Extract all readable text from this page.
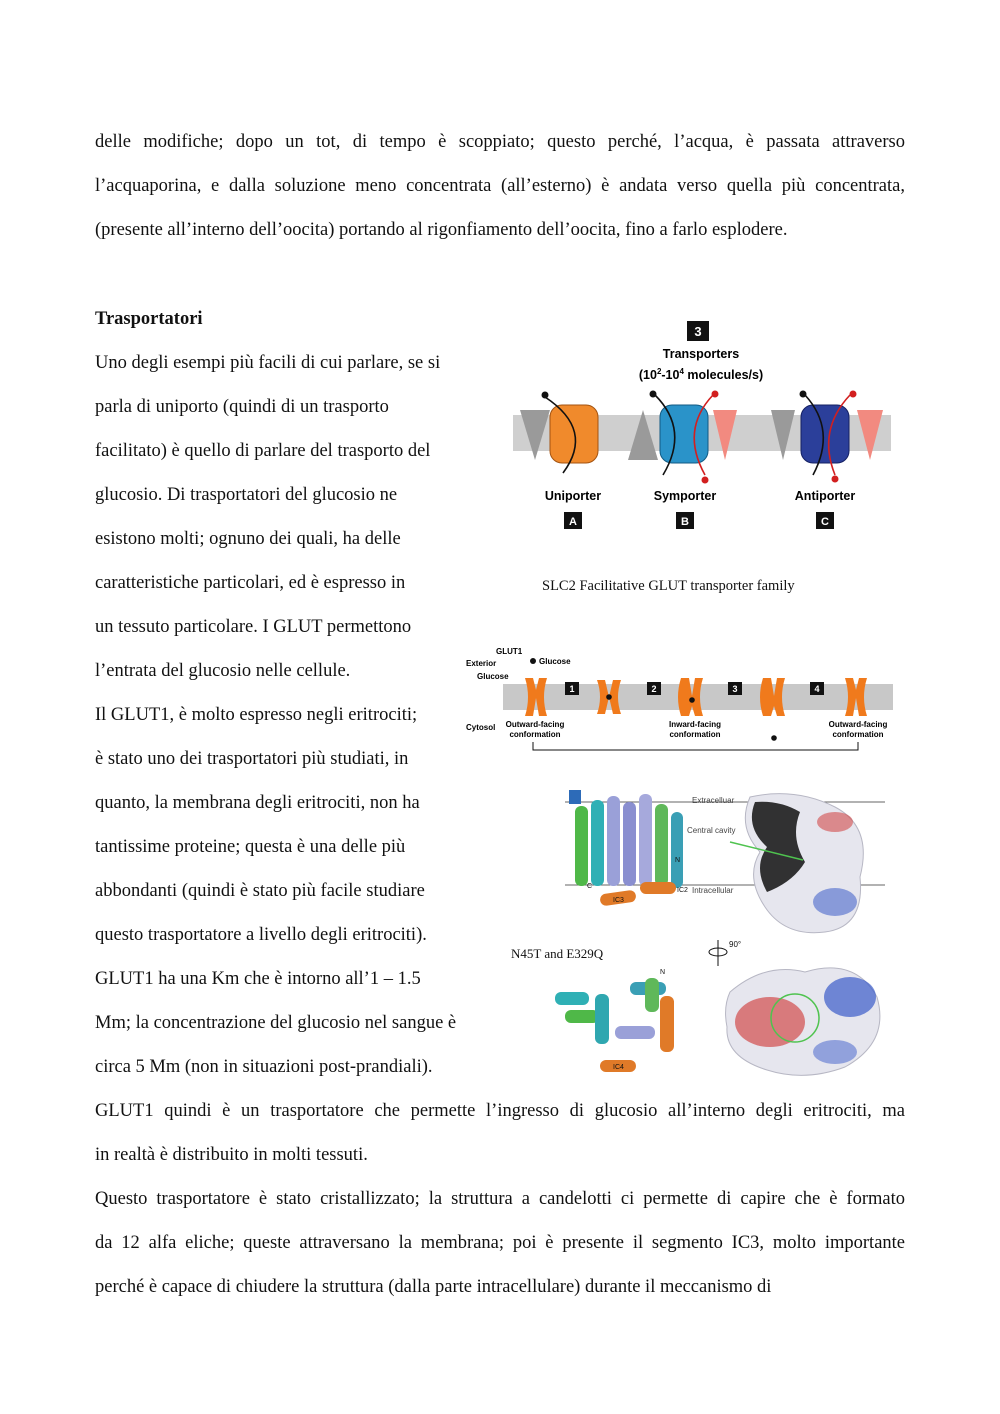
delle modifiche; dopo un tot, di tempo è scoppiato; questo perché, l’acqua, è passata attraverso
l’acquaporina, e dalla soluzione meno concentrata (all’esterno) è andata verso quella più concentrata,
(presente all’interno dell’oocita) portando al rigonfiamento dell’oocita, fino a farlo esplodere.
Trasportatori
Uno degli esempi più facili di cui parlare, se si
parla di uniporto (quindi di un trasporto
facilitato) è quello di parlare del trasporto del
glucosio. Di trasportatori del glucosio ne
esistono molti; ognuno dei quali, ha delle
caratteristiche particolari, ed è espresso in
un tessuto particolare. I GLUT permettono
l’entrata del glucosio nelle cellule.
Il GLUT1, è molto espresso negli eritrociti;
è stato uno dei trasportatori più studiati, in
quanto, la membrana degli eritrociti, non ha
tantissime proteine; questa è una delle più
abbondanti (quindi è stato più facile studiare
questo trasportatore a livello degli eritrociti).
GLUT1 ha una Km che è intorno all’1 – 1.5
Mm; la concentrazione del glucosio nel sangue è
circa 5 Mm (non in situazioni post-prandiali).
GLUT1 quindi è un trasportatore che permette l’ingresso di glucosio all’interno degli eritrociti, ma
in realtà è distribuito in molti tessuti.
Questo trasportatore è stato cristallizzato; la struttura a candelotti ci permette di capire che è formato
da 12 alfa eliche; queste attraversano la membrana; poi è presente il segmento IC3, molto importante
perché è capace di chiudere la struttura (dalla parte intracellulare) durante il meccanismo di
3
Transporters
($10^2-10^4$ molecules/s)
Uniporter	Symporter	Antiporter
A	B	C
SLC2 Facilitative GLUT transporter family
GLUT1
Exterior
Glucose
Glucose
Cytosol
1	2	3	4
Outward-facing
conformation
Inward-facing
conformation
Outward-facing
conformation
Extracelluar
Central cavity
Intracellular
IC3
IC2
C
N
N45T and E329Q
90°
IC4
N
